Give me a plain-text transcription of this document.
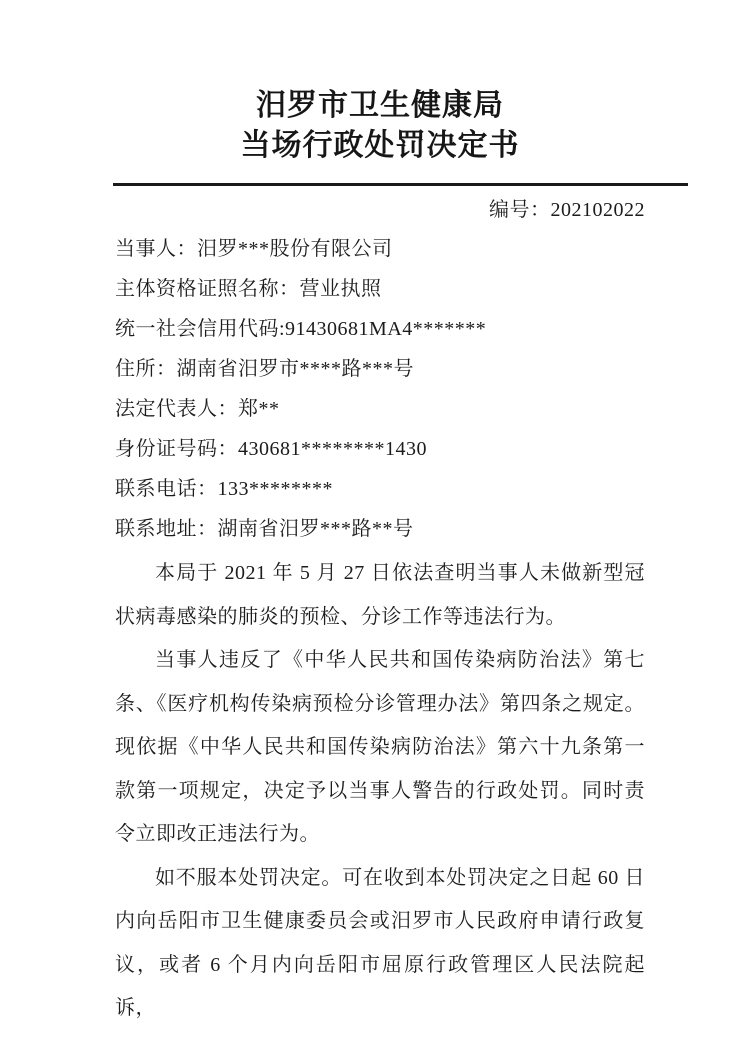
汨罗市卫生健康局
当场行政处罚决定书
编号：202102022
当事人：汨罗***股份有限公司
主体资格证照名称：营业执照
统一社会信用代码:91430681MA4*******
住所：湖南省汨罗市****路***号
法定代表人：郑**
身份证号码：430681********1430
联系电话：133********
联系地址：湖南省汨罗***路**号

本局于 2021 年 5 月 27 日依法查明当事人未做新型冠状病毒感染的肺炎的预检、分诊工作等违法行为。

当事人违反了《中华人民共和国传染病防治法》第七条、《医疗机构传染病预检分诊管理办法》第四条之规定。现依据《中华人民共和国传染病防治法》第六十九条第一款第一项规定，决定予以当事人警告的行政处罚。同时责令立即改正违法行为。

如不服本处罚决定。可在收到本处罚决定之日起 60 日内向岳阳市卫生健康委员会或汨罗市人民政府申请行政复议，或者 6 个月内向岳阳市屈原行政管理区人民法院起诉，
